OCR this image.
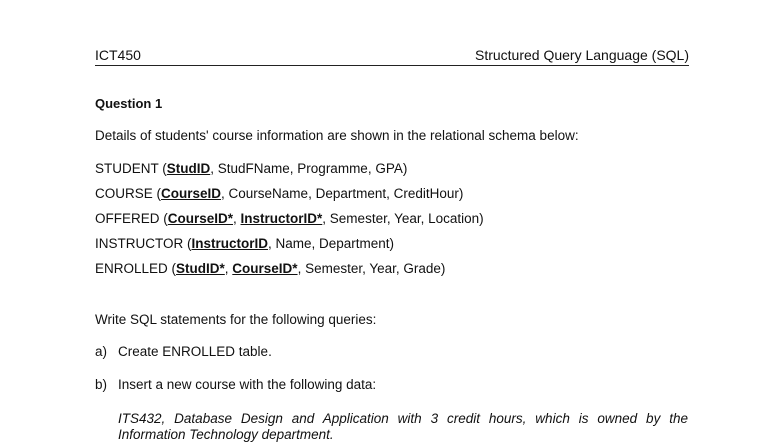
ICT450	Structured Query Language (SQL)
Question 1
Details of students' course information are shown in the relational schema below:
STUDENT (StudID, StudFName, Programme, GPA)
COURSE (CourseID, CourseName, Department, CreditHour)
OFFERED (CourseID*, InstructorID*, Semester, Year, Location)
INSTRUCTOR (InstructorID, Name, Department)
ENROLLED (StudID*, CourseID*, Semester, Year, Grade)
Write SQL statements for the following queries:
a) Create ENROLLED table.
b) Insert a new course with the following data:
ITS432, Database Design and Application with 3 credit hours, which is owned by the Information Technology department.
